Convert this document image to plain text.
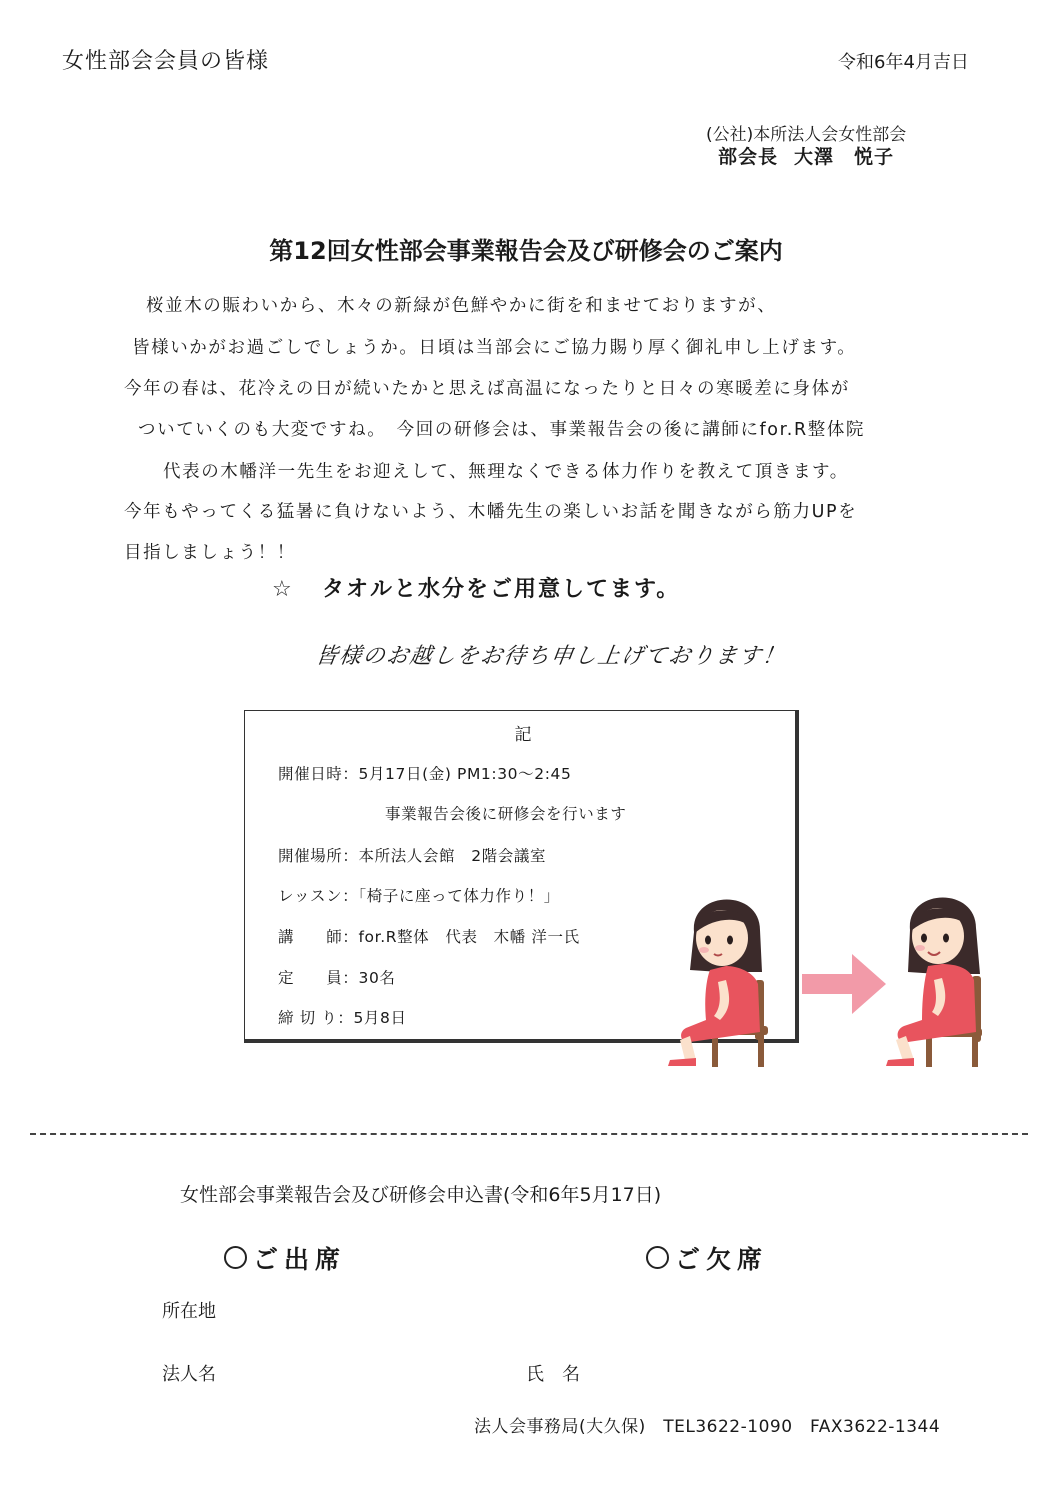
女性部会会員の皆様	令和6年4月吉日
(公社)本所法人会女性部会
部会長 大澤　悦子
第12回女性部会事業報告会及び研修会のご案内
桜並木の賑わいから、木々の新緑が色鮮やかに街を和ませておりますが、
皆様いかがお過ごしでしょうか。日頃は当部会にご協力賜り厚く御礼申し上げます。
今年の春は、花冷えの日が続いたかと思えば高温になったりと日々の寒暖差に身体が
ついていくのも大変ですね。　今回の研修会は、事業報告会の後に講師にfor.R整体院
代表の木幡洋一先生をお迎えして、無理なくできる体力作りを教えて頂きます。
今年もやってくる猛暑に負けないよう、木幡先生の楽しいお話を聞きながら筋力UPを
目指しましょう！！
☆ タオルと水分をご用意してます。
皆様のお越しをお待ち申し上げております！
記
開催日時：5月17日(金) PM1:30～2:45
事業報告会後に研修会を行います
開催場所：本所法人会館　2階会議室
レッスン：「椅子に座って体力作り！」
講　　師：for.R整体　代表　木幡 洋一氏
定　　員：30名
締 切 り：5月8日
女性部会事業報告会及び研修会申込書(令和6年5月17日)
ご出席	ご欠席
所在地
法人名	氏　名
法人会事務局(大久保)　TEL3622-1090　FAX3622-1344
